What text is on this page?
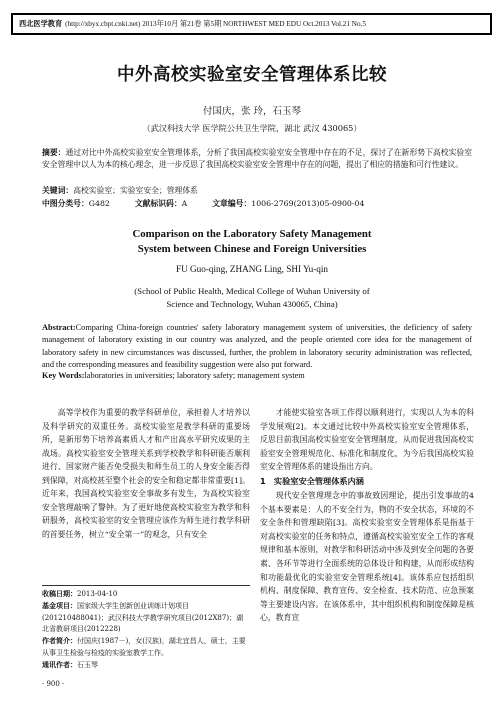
西北医学教育 (http://xbyx.cbpt.cnki.net) 2013年10月 第21卷 第5期 NORTHWEST MED EDU Oct.2013 Vol.21 No.5
中外高校实验室安全管理体系比较
付国庆，张 玲，石玉琴
（武汉科技大学 医学院公共卫生学院，湖北 武汉 430065）
摘要：通过对比中外高校实验室安全管理体系，分析了我国高校实验室安全管理中存在的不足，探讨了在新形势下高校实验室安全管理中以人为本的核心理念，进一步反思了我国高校实验室安全管理中存在的问题，提出了相应的措施和可行性建议。
关键词：高校实验室；实验室安全；管理体系
中图分类号：G482	文献标识码：A	文章编号：1006-2769(2013)05-0900-04
Comparison on the Laboratory Safety Management System between Chinese and Foreign Universities
FU Guo-qing, ZHANG Ling, SHI Yu-qin
(School of Public Health, Medical College of Wuhan University of Science and Technology, Wuhan 430065, China)
Abstract:Comparing China-foreign countries' safety laboratory management system of universities, the deficiency of safety management of laboratory existing in our country was analyzed, and the people oriented core idea for the management of laboratory safety in new circumstances was discussed, further, the problem in laboratory security administration was reflected, and the corresponding measures and feasibility suggestion were also put forward.
Key Words:laboratories in universities; laboratory safety; management system

高等学校作为重要的教学科研单位，承担着人才培养以及科学研究的双重任务。高校实验室是教学科研的重要场所，是新形势下培养高素质人才和产出高水平研究成果的主战场。高校实验室安全管理关系到学校教学和科研能否顺利进行、国家财产能否免受损失和师生员工的人身安全能否得到保障，对高校甚至整个社会的安全和稳定都非常重要[1]。近年来，我国高校实验室安全事故多有发生，为高校实验室安全管理敲响了警钟。为了更好地使高校实验室为教学和科研服务，高校实验室的安全管理应该作为师生进行教学科研的首要任务，树立“安全第一”的观念，只有安全

才能使实验室各项工作得以顺利进行，实现以人为本的科学发展观[2]。本文通过比较中外高校实验室安全管理体系，反思目前我国高校实验室安全管理制度，从而促进我国高校实验室安全管理规范化、标准化和制度化，为今后我国高校实验室安全管理体系的建设指出方向。

1　实验室安全管理体系内涵

现代安全管理理念中的事故致因理论，提出引发事故的4个基本要素是：人的不安全行为，物的不安全状态，环境的不安全条件和管理缺陷[3]。高校实验室安全管理体系是指基于对高校实验室的任务和特点，遵循高校实验室安全工作的客观规律和基本原则，对教学和科研活动中涉及到安全问题的各要素、各环节等进行全面系统的总体设计和构建，从而形成结构和功能最优化的实验室安全管理系统[4]。该体系应包括组织机构、制度保障、教育宣传、安全检查、技术防范、应急预案等主要建设内容。在该体系中，其中组织机构和制度保障是核心，教育宣

收稿日期：2013-04-10
基金项目：国家级大学生创新创业训练计划项目(201210488041)；武汉科技大学教学研究项目(2012X87)；湖北省教研项目(2012228)
作者简介：付国庆(1987－)，女(汉族)，湖北宜昌人，硕士，主要从事卫生检验与检疫的实验室教学工作。
通讯作者：石玉琴
· 900 ·
